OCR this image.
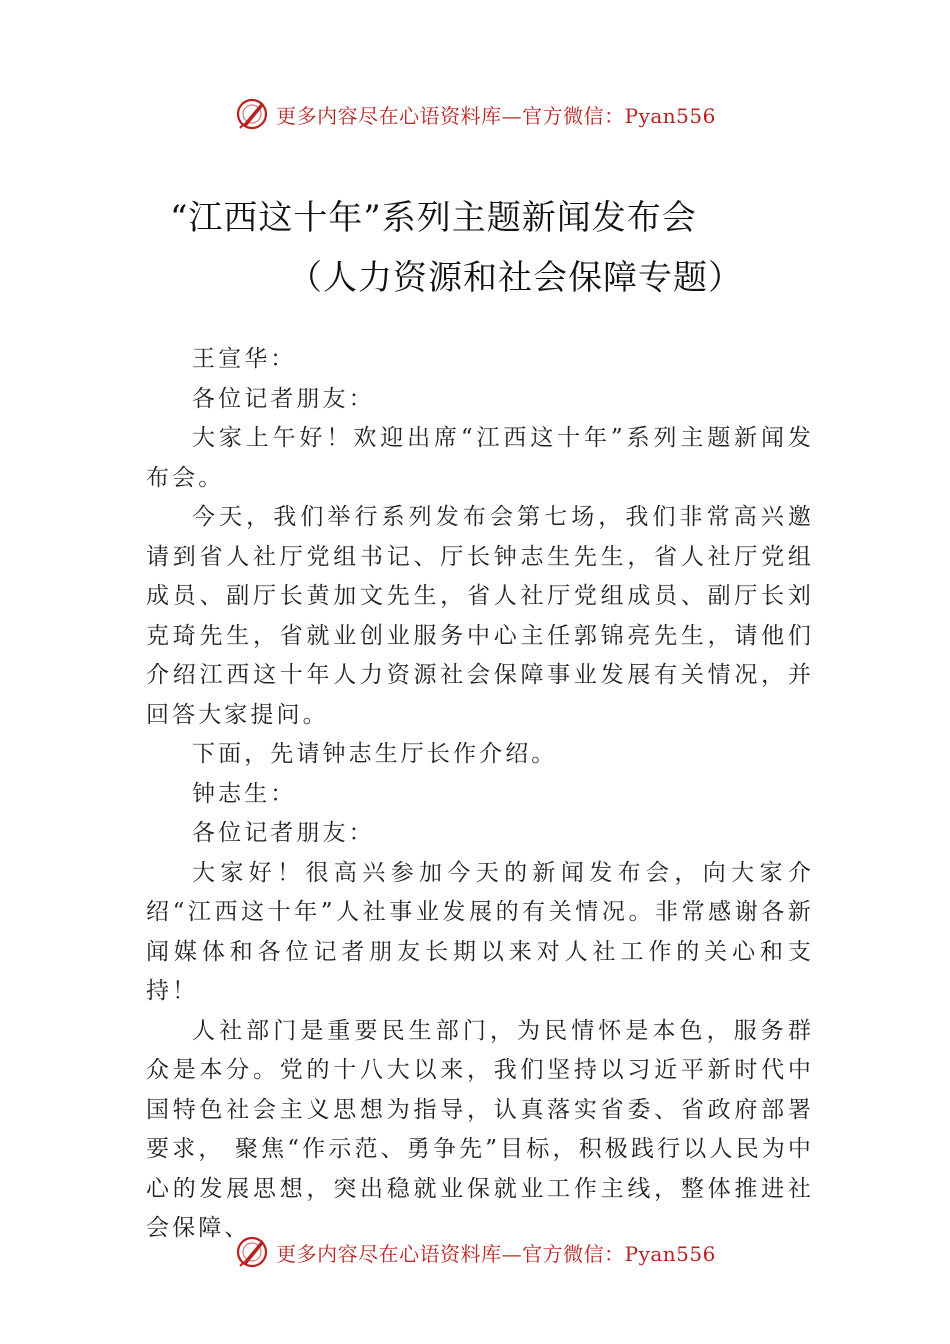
更多内容尽在心语资料库—官方微信：Pyan556
“江西这十年”系列主题新闻发布会
（人力资源和社会保障专题）

王宣华：

各位记者朋友：

大家上午好！欢迎出席“江西这十年”系列主题新闻发布会。

今天，我们举行系列发布会第七场，我们非常高兴邀请到省人社厅党组书记、厅长钟志生先生，省人社厅党组成员、副厅长黄加文先生，省人社厅党组成员、副厅长刘克琦先生，省就业创业服务中心主任郭锦亮先生，请他们介绍江西这十年人力资源社会保障事业发展有关情况，并回答大家提问。

下面，先请钟志生厅长作介绍。

钟志生：

各位记者朋友：

大家好！很高兴参加今天的新闻发布会，向大家介绍“江西这十年”人社事业发展的有关情况。非常感谢各新闻媒体和各位记者朋友长期以来对人社工作的关心和支持！

人社部门是重要民生部门，为民情怀是本色，服务群众是本分。党的十八大以来，我们坚持以习近平新时代中国特色社会主义思想为指导，认真落实省委、省政府部署要求， 聚焦“作示范、勇争先”目标，积极践行以人民为中心的发展思想，突出稳就业保就业工作主线，整体推进社会保障、

更多内容尽在心语资料库—官方微信：Pyan556
